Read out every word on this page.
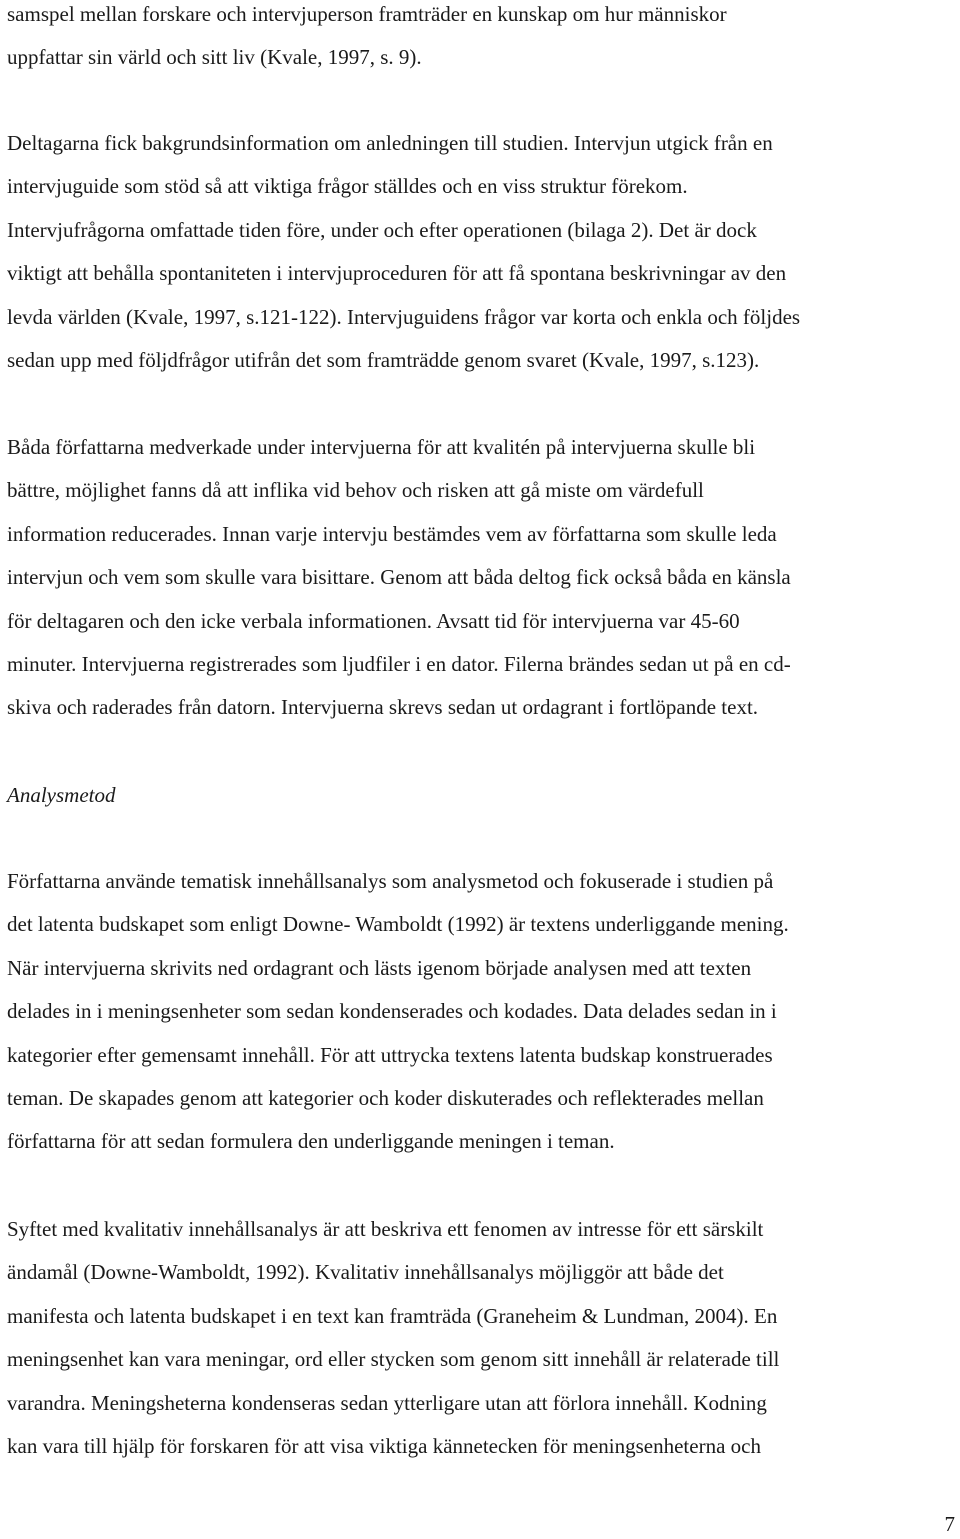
samspel mellan forskare och intervjuperson framträder en kunskap om hur människor
uppfattar sin värld och sitt liv (Kvale, 1997, s. 9).

Deltagarna fick bakgrundsinformation om anledningen till studien. Intervjun utgick från en
intervjuguide som stöd så att viktiga frågor ställdes och en viss struktur förekom.
Intervjufrågorna omfattade tiden före, under och efter operationen (bilaga 2). Det är dock
viktigt att behålla spontaniteten i intervjuproceduren för att få spontana beskrivningar av den
levda världen (Kvale, 1997, s.121-122). Intervjuguidens frågor var korta och enkla och följdes
sedan upp med följdfrågor utifrån det som framträdde genom svaret (Kvale, 1997, s.123).

Båda författarna medverkade under intervjuerna för att kvalitén på intervjuerna skulle bli
bättre, möjlighet fanns då att inflika vid behov och risken att gå miste om värdefull
information reducerades. Innan varje intervju bestämdes vem av författarna som skulle leda
intervjun och vem som skulle vara bisittare. Genom att båda deltog fick också båda en känsla
för deltagaren och den icke verbala informationen. Avsatt tid för intervjuerna var 45-60
minuter. Intervjuerna registrerades som ljudfiler i en dator. Filerna brändes sedan ut på en cd-
skiva och raderades från datorn. Intervjuerna skrevs sedan ut ordagrant i fortlöpande text.

Analysmetod

Författarna använde tematisk innehållsanalys som analysmetod och fokuserade i studien på
det latenta budskapet som enligt Downe- Wamboldt (1992) är textens underliggande mening.
När intervjuerna skrivits ned ordagrant och lästs igenom började analysen med att texten
delades in i meningsenheter som sedan kondenserades och kodades. Data delades sedan in i
kategorier efter gemensamt innehåll. För att uttrycka textens latenta budskap konstruerades
teman. De skapades genom att kategorier och koder diskuterades och reflekterades mellan
författarna för att sedan formulera den underliggande meningen i teman.

Syftet med kvalitativ innehållsanalys är att beskriva ett fenomen av intresse för ett särskilt
ändamål (Downe-Wamboldt, 1992). Kvalitativ innehållsanalys möjliggör att både det
manifesta och latenta budskapet i en text kan framträda (Graneheim & Lundman, 2004). En
meningsenhet kan vara meningar, ord eller stycken som genom sitt innehåll är relaterade till
varandra. Meningsheterna kondenseras sedan ytterligare utan att förlora innehåll. Kodning
kan vara till hjälp för forskaren för att visa viktiga kännetecken för meningsenheterna och

7
